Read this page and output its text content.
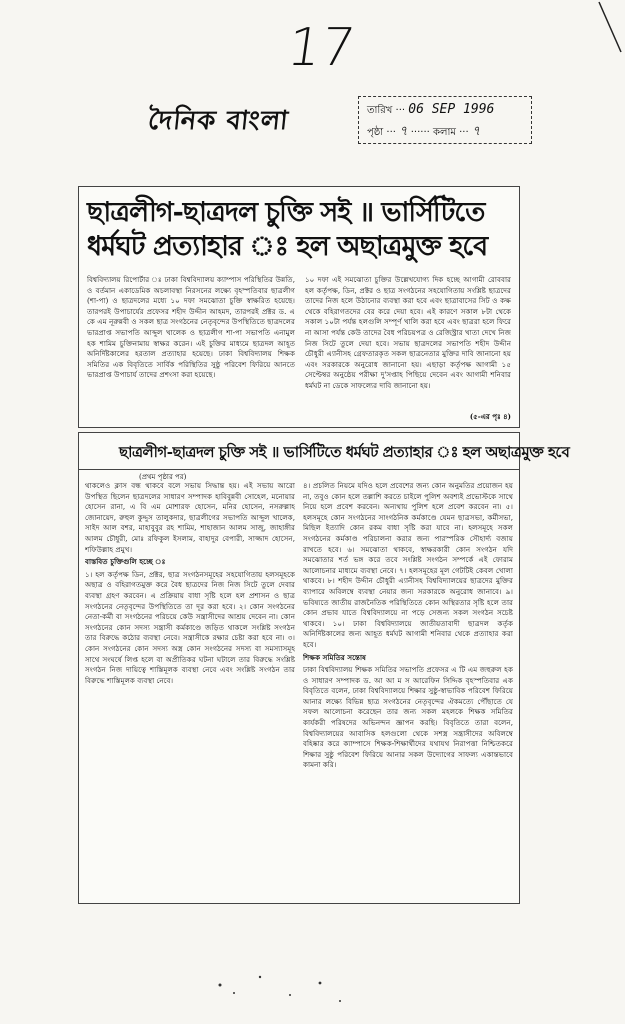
17
দৈনিক বাংলা	তারিখ ··· 06 SEP 1996
পৃষ্ঠা ··· ৭ ······ কলাম ··· ৭
ছাত্রলীগ-ছাত্রদল চুক্তি সই ॥ ভার্সিটিতে
ধর্মঘট প্রত্যাহার ঃ হল অছাত্রমুক্ত হবে
বিশ্ববিদ্যালয় রিপোর্টার ঃ ঢাকা বিশ্ববিদ্যালয় ক্যাম্পাস পরিস্থিতির উন্নতি, ও বর্তমান একাডেমিক অচলাবস্থা নিরসনের লক্ষ্যে বৃহস্পতিবার ছাত্রলীগ (শা-পা) ও ছাত্রদলের মধ্যে ১০ দফা সমঝোতা চুক্তি স্বাক্ষরিত হয়েছে। তারপরই উপাচার্যের প্রফেসর শহীদ উদ্দীন আহমদ, তারপরই প্রক্টর ড. এ কে এম নূরুন্নবী ও সকল ছাত্র সংগঠনের নেতৃবৃন্দের উপস্থিতিতে ছাত্রদলের ভারপ্রাপ্ত সভাপতি আব্দুল খালেক ও ছাত্রলীগ শা-পা সভাপতি এনামুল হক শামিম চুক্তিনামায় স্বাক্ষর করেন। এই চুক্তির মাধ্যমে ছাত্রদল আহূত অনির্দিষ্টকালের হরতাল প্রত্যাহার হয়েছে। ঢাকা বিশ্ববিদ্যালয় শিক্ষক সমিতির এক বিবৃতিতে সার্বিক পরিস্থিতির সুষ্ঠু পরিবেশ ফিরিয়ে আনতে ভারপ্রাপ্ত উপাচার্য তাদের প্রশংসা করা হয়েছে।
১০ দফা এই সমঝোতা চুক্তির উল্লেখযোগ্য দিক হচ্ছে আগামী রোববার হল কর্তৃপক্ষ, ডিন, প্রক্টর ও ছাত্র সংগঠনের সহযোগিতায় সংশ্লিষ্ট ছাত্রদের তাদের নিজ হলে উঠানোর ব্যবস্থা করা হবে এবং ছাত্রাবাসের সিট ও কক্ষ থেকে বহিরাগতদের বের করে দেয়া হবে। এই কারণে সকাল ৮টা থেকে সকাল ১০টা পর্যন্ত হলগুলি সম্পূর্ণ খালি করা হবে এবং ছাত্ররা হলে ফিরে না আসা পর্যন্ত কেউ তাদের বৈধ পরিচয়পত্র ও রেজিস্ট্রার খাতা দেখে নিজ নিজ সিটে তুলে দেয়া হবে। সভায় ছাত্রদলের সভাপতি শহীদ উদ্দীন চৌধুরী এ্যানীসহ গ্রেফতারকৃত সকল ছাত্রনেতার মুক্তির দাবি জানানো হয় এবং সরকারকে অনুরোধ জানানো হয়। এছাড়া কর্তৃপক্ষ আগামী ১৫ সেপ্টেম্বর অনুষ্ঠেয় পরীক্ষা দু'সপ্তাহ পিছিয়ে দেবেন এবং আগামী শনিবার ধর্মঘট না ডেকে সাফল্যের দাবি জানানো হয়।
(৫-এর পৃঃ ৪)
ছাত্রলীগ-ছাত্রদল চুক্তি সই ॥ ভার্সিটিতে ধর্মঘট প্রত্যাহার ঃ হল অছাত্রমুক্ত হবে
(প্রথম পৃষ্ঠার পর)
থাকলেও ক্লাস বন্ধ থাকবে বলে সভায় সিদ্ধান্ত হয়। এই সভায় আরো উপস্থিত ছিলেন ছাত্রদলের সাধারণ সম্পাদক হাবিবুন্নবী সোহেল, মনোয়ার হোসেন রানা, এ বি এম মোশারফ হোসেন, মনির হোসেন, নসরুল্লাহ জোনায়েদ, রুহুল কুদ্দুস তালুকদার, ছাত্রলীগের সভাপতি আব্দুল খালেক, সাইদ আল বশর, মাহাবুবুর রহ শামিম, শাহাজান আলম সাজু, জাহাঙ্গীর আলম চৌধুরী, মোঃ রফিকুল ইসলাম, বাহাদুর বেপারী, সাজ্জাদ হোসেন, শফিউল্লাহ প্রমুখ।
বাস্তবিত চুক্তিগুলি হচ্ছে ঃ
১। হল কর্তৃপক্ষ ডিন, প্রক্টর, ছাত্র সংগঠনসমূহের সহযোগিতায় হলসমূহকে অছাত্র ও বহিরাগতমুক্ত করে বৈধ ছাত্রদের নিজ নিজ সিটে তুলে দেবার ব্যবস্থা গ্রহণ করবেন। এ প্রক্রিয়ায় বাধা সৃষ্টি হলে হল প্রশাসন ও ছাত্র সংগঠনের নেতৃবৃন্দের উপস্থিতিতে তা দূর করা হবে। ২। কোন সংগঠনের নেতা-কর্মী বা সংগঠনের পরিচয়ে কেউ সন্ত্রাসীদের আশ্রয় দেবেন না। কোন সংগঠনের কোন সদস্য সন্ত্রাসী কর্মকাণ্ডে জড়িত থাকলে সংশ্লিষ্ট সংগঠন তার বিরুদ্ধে কঠোর ব্যবস্থা নেবে। সন্ত্রাসীকে রক্ষার চেষ্টা করা হবে না। ৩। কোন সংগঠনের কোন সদস্য অস্ত্র কোন সংগঠনের সদস্য বা সমস্যাসমূহ সাথে সংঘর্ষে লিপ্ত হলে বা অপ্রীতিকর ঘটনা ঘটালে তার বিরুদ্ধে সংশ্লিষ্ট সংগঠন নিজ দায়িত্বে শাস্তিমূলক ব্যবস্থা নেবে এবং সংশ্লিষ্ট সংগঠন তার বিরুদ্ধে শাস্তিমূলক ব্যবস্থা নেবে।
৪। প্রচলিত নিয়মে যদিও হলে প্রবেশের জন্য কোন অনুমতির প্রয়োজন হয় না, তবুও কোন হলে তল্লাশি করতে চাইলে পুলিশ অবশ্যই প্রভোস্টকে সাথে নিয়ে হলে প্রবেশ করবেন। অন্যথায় পুলিশ হলে প্রবেশ করবেন না। ৫। হলসমূহে কোন সংগঠনের সাংগঠনিক কর্মকাণ্ডে যেমন ছাত্রসভা, কর্মীসভা, মিছিল ইত্যাদি কোন রকম বাধা সৃষ্টি করা যাবে না। হলসমূহে সকল সংগঠনের কর্মকাণ্ড পরিচালনা করার জন্য পারস্পরিক সৌহার্দ্য বজায় রাখতে হবে। ৬। সমঝোতা থাকবে, স্বাক্ষরকারী কোন সংগঠন যদি সমঝোতার শর্ত ভঙ্গ করে তবে সংশ্লিষ্ট সংগঠন সম্পর্কে এই ফোরাম আলোচনার মাধ্যমে ব্যবস্থা নেবে। ৭। হলসমূহের মূল গেটটিই কেবল খোলা থাকবে। ৮। শহীদ উদ্দীন চৌধুরী এ্যানীসহ বিশ্ববিদ্যালয়ের ছাত্রদের মুক্তির ব্যাপারে অবিলম্বে ব্যবস্থা নেয়ার জন্য সরকারকে অনুরোধ জানাবে। ৯। ভবিষ্যতে জাতীয় রাজনৈতিক পরিস্থিতিতে কোন অস্থিরতার সৃষ্টি হলে তার কোন প্রভাব যাতে বিশ্ববিদ্যালয়ে না পড়ে সেজন্য সকল সংগঠন সচেষ্ট থাকবে। ১০। ঢাকা বিশ্ববিদ্যালয়ে জাতীয়তাবাদী ছাত্রদল কর্তৃক অনির্দিষ্টকালের জন্য আহূত ধর্মঘট আগামী শনিবার থেকে প্রত্যাহার করা হবে।
শিক্ষক সমিতির সন্তোষ
ঢাকা বিশ্ববিদ্যালয় শিক্ষক সমিতির সভাপতি প্রফেসর এ টি এম জহুরুল হক ও সাধারণ সম্পাদক ড. আ আ ম স আরেফিন সিদ্দিক বৃহস্পতিবার এক বিবৃতিতে বলেন, ঢাকা বিশ্ববিদ্যালয়ে শিক্ষার সুষ্ঠু-স্বাভাবিক পরিবেশ ফিরিয়ে আনার লক্ষ্যে বিভিন্ন ছাত্র সংগঠনের নেতৃবৃন্দের ঐকমত্যে পৌঁছাতে যে সফল আলোচনা করেছেন তার জন্য সকল মহলকে শিক্ষক সমিতির কার্যকরী পরিষদের অভিনন্দন জ্ঞাপন করছি। বিবৃতিতে তারা বলেন, বিশ্ববিদ্যালয়ের আবাসিক হলগুলো থেকে সশস্ত্র সন্ত্রাসীদের অবিলম্বে বহিষ্কার করে ক্যাম্পাসে শিক্ষক-শিক্ষার্থীদের যথাযথ নিরাপত্তা নিশ্চিতকরে শিক্ষার সুষ্ঠু পরিবেশ ফিরিয়ে আনার সকল উদ্যোগের সাফল্য একান্তভাবে কামনা করি।
